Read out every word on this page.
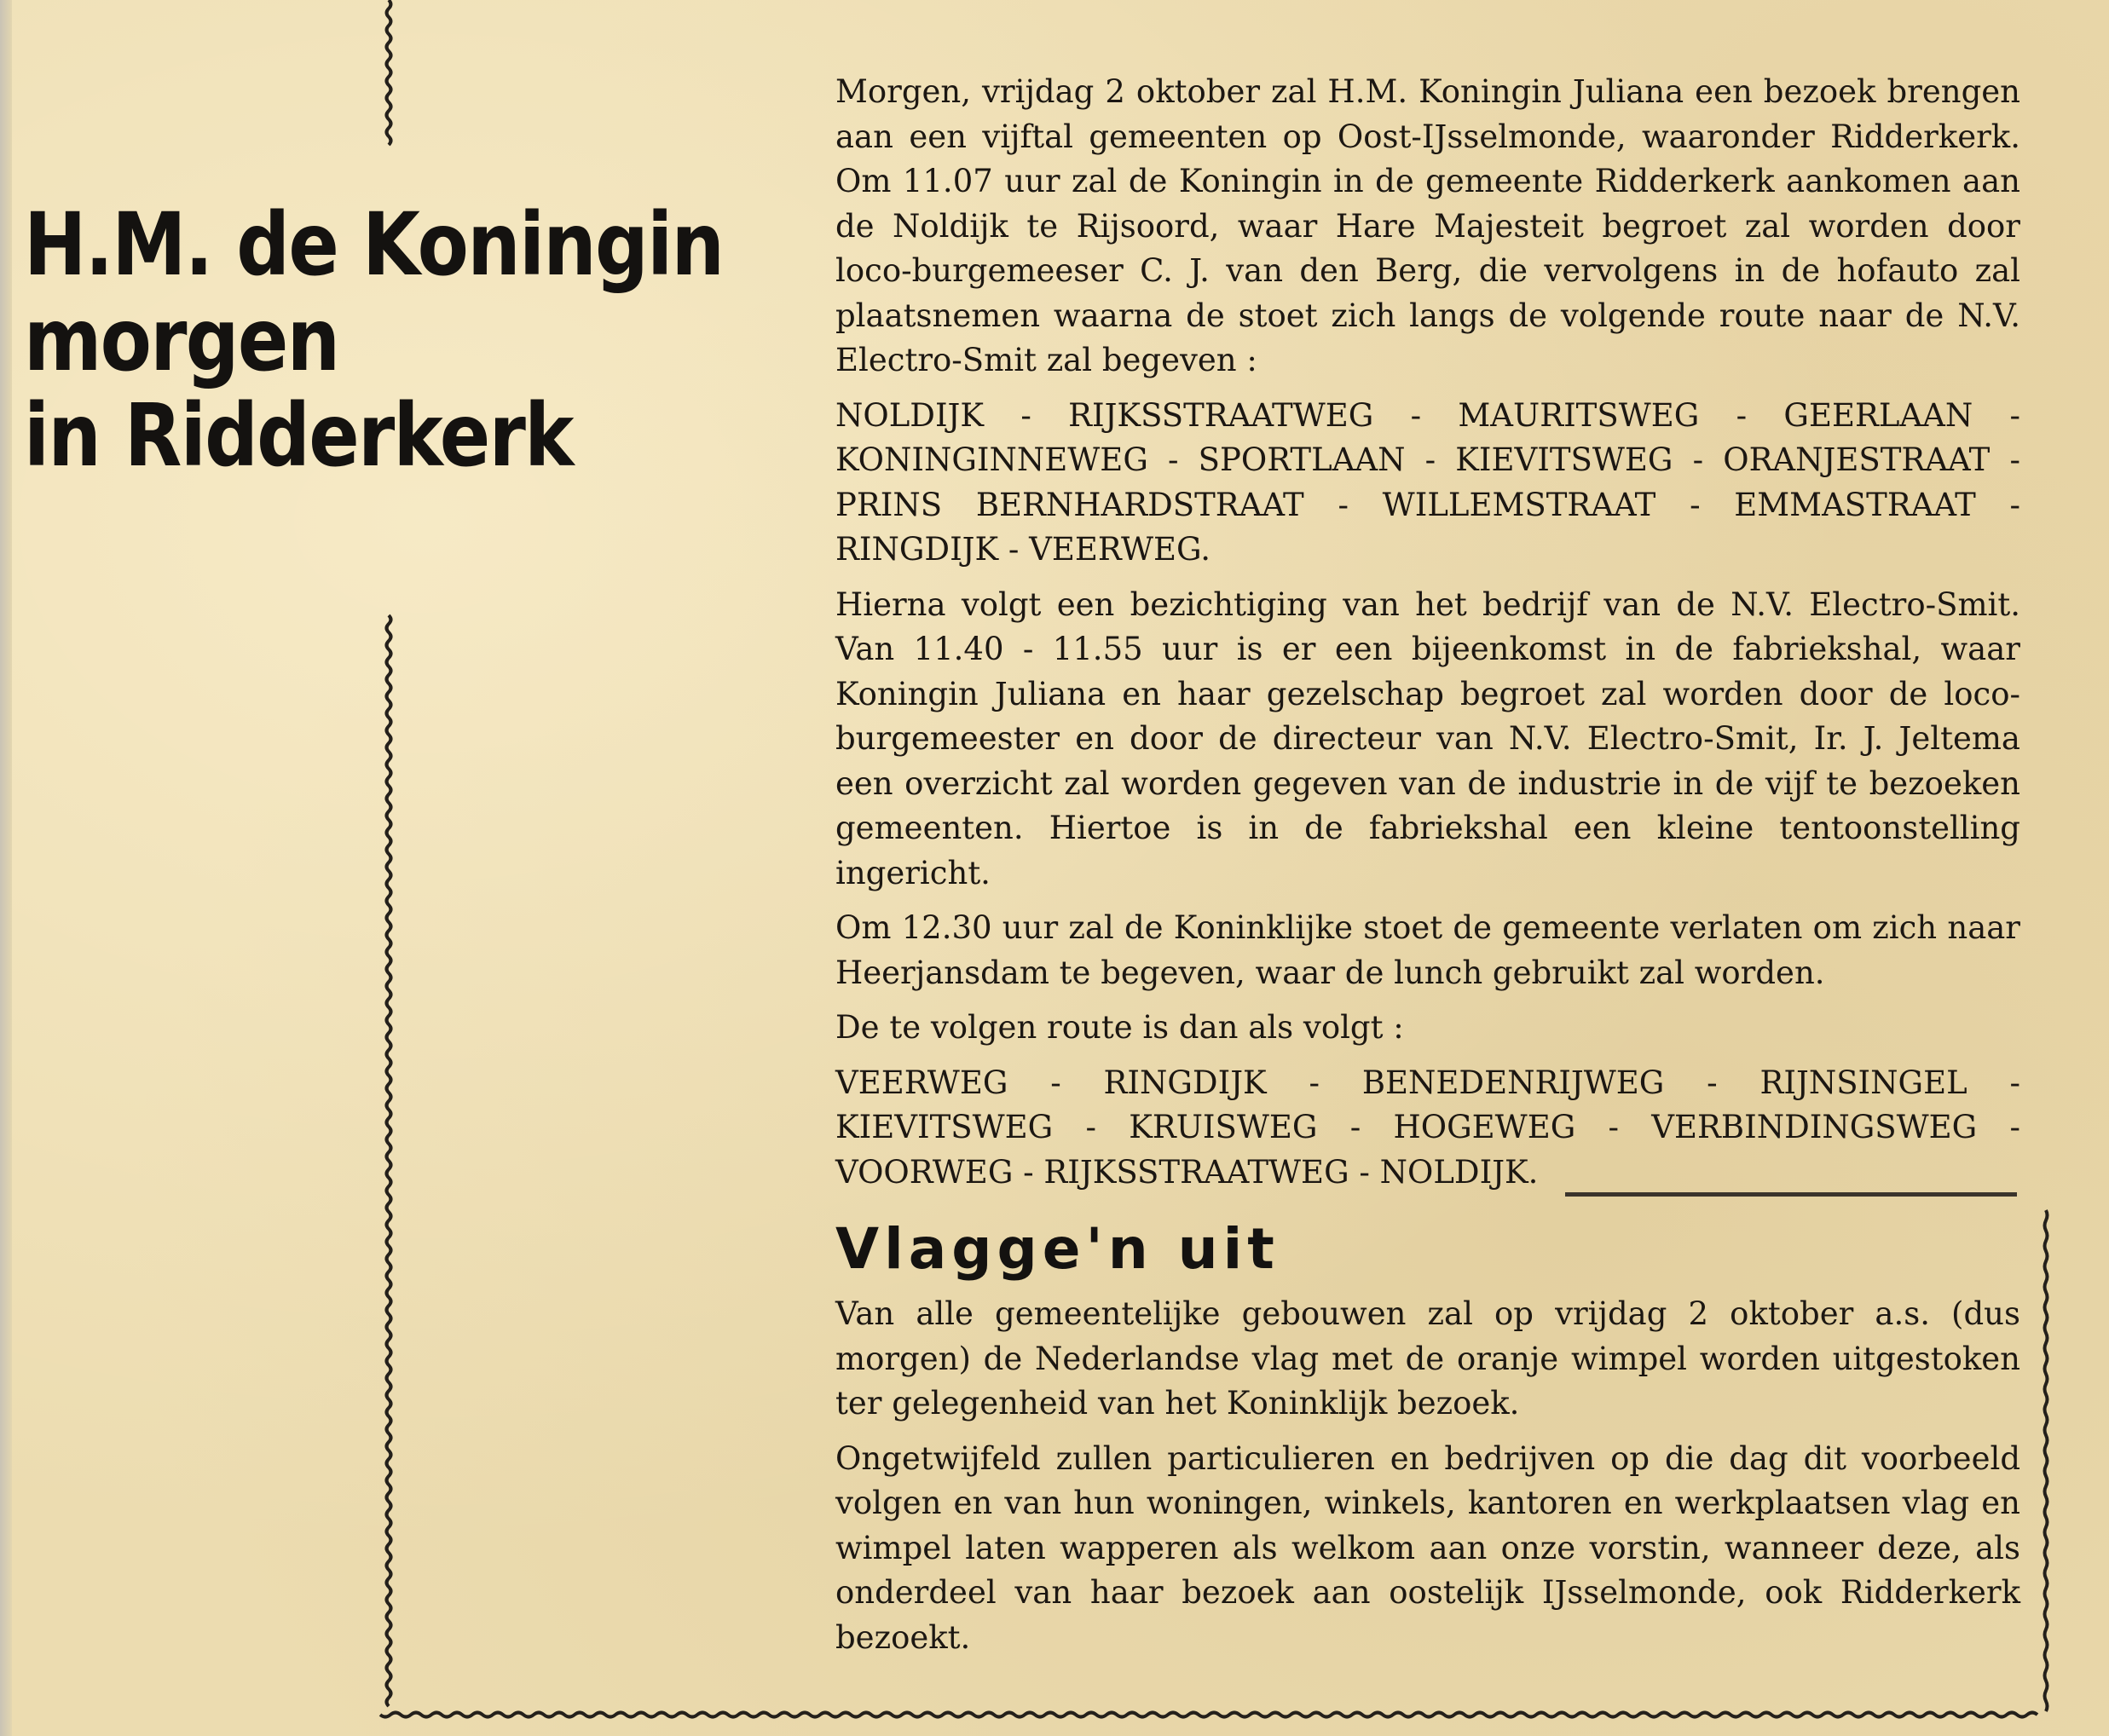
H.M. de Koningin
morgen
in Ridderkerk

Morgen, vrijdag 2 oktober zal H.M. Koningin Juliana een bezoek brengen aan een vijftal gemeenten op Oost-IJsselmonde, waaronder Ridderkerk. Om 11.07 uur zal de Koningin in de gemeente Ridderkerk aankomen aan de Noldijk te Rijsoord, waar Hare Majesteit begroet zal worden door loco-burgemeeser C. J. van den Berg, die vervolgens in de hofauto zal plaatsnemen waarna de stoet zich langs de volgende route naar de N.V. Electro-Smit zal begeven :

NOLDIJK - RIJKSSTRAATWEG - MAURITSWEG - GEERLAAN - KONINGINNEWEG - SPORTLAAN - KIEVITSWEG - ORANJESTRAAT - PRINS BERNHARDSTRAAT - WILLEMSTRAAT - EMMASTRAAT - RINGDIJK - VEERWEG.

Hierna volgt een bezichtiging van het bedrijf van de N.V. Electro-Smit. Van 11.40 - 11.55 uur is er een bijeenkomst in de fabriekshal, waar Koningin Juliana en haar gezelschap begroet zal worden door de loco-burgemeester en door de directeur van N.V. Electro-Smit, Ir. J. Jeltema een overzicht zal worden gegeven van de industrie in de vijf te bezoeken gemeenten. Hiertoe is in de fabriekshal een kleine tentoonstelling ingericht.

Om 12.30 uur zal de Koninklijke stoet de gemeente verlaten om zich naar Heerjansdam te begeven, waar de lunch gebruikt zal worden.

De te volgen route is dan als volgt :

VEERWEG - RINGDIJK - BENEDENRIJWEG - RIJNSINGEL - KIEVITSWEG - KRUISWEG - HOGEWEG - VERBINDINGSWEG - VOORWEG - RIJKSSTRAATWEG - NOLDIJK.

Vlagge'n uit

Van alle gemeentelijke gebouwen zal op vrijdag 2 oktober a.s. (dus morgen) de Nederlandse vlag met de oranje wimpel worden uitgestoken ter gelegenheid van het Koninklijk bezoek.

Ongetwijfeld zullen particulieren en bedrijven op die dag dit voorbeeld volgen en van hun woningen, winkels, kantoren en werkplaatsen vlag en wimpel laten wapperen als welkom aan onze vorstin, wanneer deze, als onderdeel van haar bezoek aan oostelijk IJsselmonde, ook Ridderkerk bezoekt.
